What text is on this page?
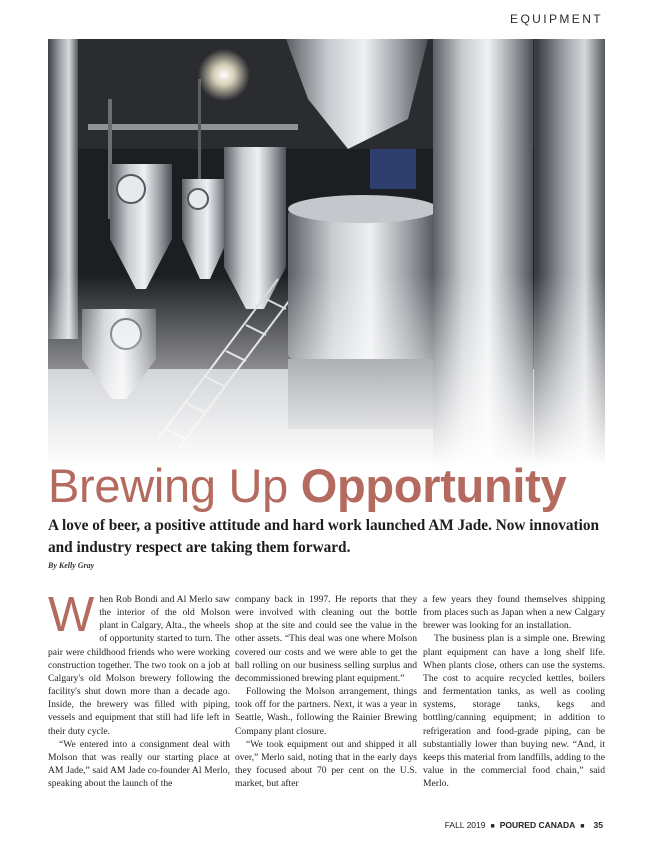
EQUIPMENT
Brewing Up Opportunity

A love of beer, a positive attitude and hard work launched AM Jade. Now innovation and industry respect are taking them forward.

By Kelly Gray

When Rob Bondi and Al Merlo saw the interior of the old Molson plant in Calgary, Alta., the wheels of opportunity started to turn. The pair were childhood friends who were working construction together. The two took on a job at Calgary's old Molson brewery following the facility's shut down more than a decade ago. Inside, the brewery was filled with piping, vessels and equipment that still had life left in their duty cycle.

“We entered into a consignment deal with Molson that was really our starting place at AM Jade,” said AM Jade co-founder Al Merlo, speaking about the launch of the

company back in 1997. He reports that they were involved with cleaning out the bottle shop at the site and could see the value in the other assets. “This deal was one where Molson covered our costs and we were able to get the ball rolling on our business selling surplus and decommissioned brewing plant equipment.”

Following the Molson arrangement, things took off for the partners. Next, it was a year in Seattle, Wash., following the Rainier Brewing Company plant closure.

“We took equipment out and shipped it all over,” Merlo said, noting that in the early days they focused about 70 per cent on the U.S. market, but after

a few years they found themselves shipping from places such as Japan when a new Calgary brewer was looking for an installation.

The business plan is a simple one. Brewing plant equipment can have a long shelf life. When plants close, others can use the systems. The cost to acquire recycled kettles, boilers and fermentation tanks, as well as cooling systems, storage tanks, kegs and bottling/canning equipment; in addition to refrigeration and food-grade piping, can be substantially lower than buying new. “And, it keeps this material from landfills, adding to the value in the commercial food chain,” said Merlo.

FALL 2019 ■ POURED CANADA ■ 35
